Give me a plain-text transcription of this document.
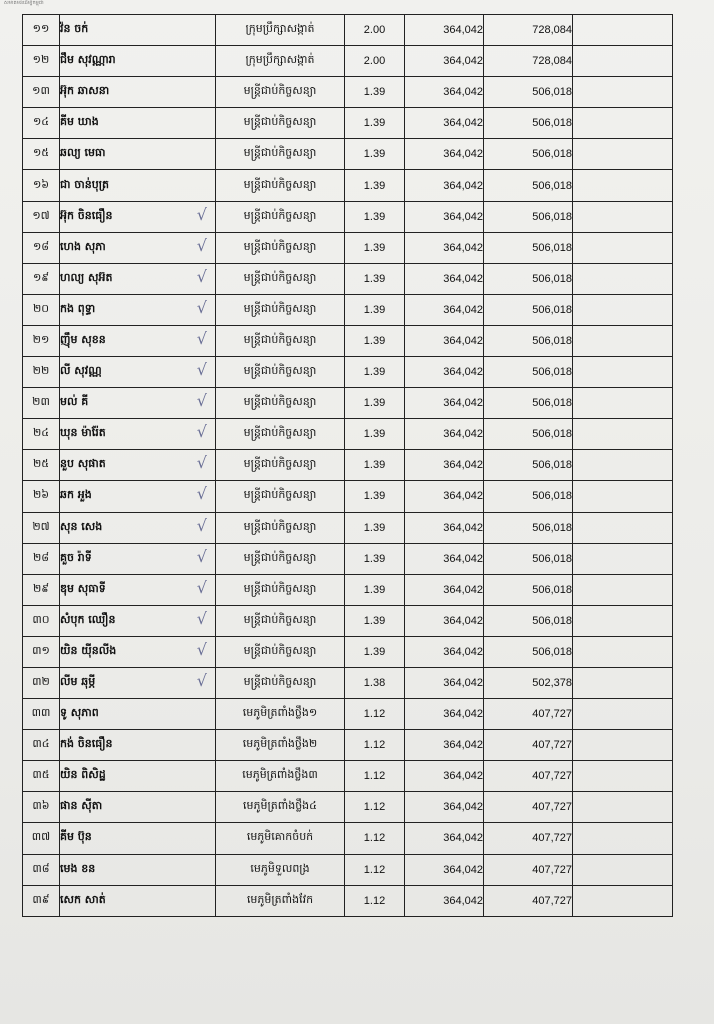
សមាគមន៍ដើម្បីកម្ពុជា
១១	វ៉ន ចក់	ក្រុមប្រឹក្សាសង្កាត់	2.00	364,042	728,084	
១២	ជឹម សុវណ្ណារា	ក្រុមប្រឹក្សាសង្កាត់	2.00	364,042	728,084	
១៣	អ៊ុក ឆាសនា	មន្ត្រីជាប់កិច្ចសន្យា	1.39	364,042	506,018	
១៤	គីម ឃាង	មន្ត្រីជាប់កិច្ចសន្យា	1.39	364,042	506,018	
១៥	ឆល្យ មេធា	មន្ត្រីជាប់កិច្ចសន្យា	1.39	364,042	506,018	
១៦	ជា ចាន់បុត្រ	មន្ត្រីជាប់កិច្ចសន្យា	1.39	364,042	506,018	
១៧	អ៊ុក ចិនធឿន √	មន្ត្រីជាប់កិច្ចសន្យា	1.39	364,042	506,018	
១៨	ហេង សុភា √	មន្ត្រីជាប់កិច្ចសន្យា	1.39	364,042	506,018	
១៩	ហល្យ សុអ៊ត √	មន្ត្រីជាប់កិច្ចសន្យា	1.39	364,042	506,018	
២០	កង ពុទ្ធា √	មន្ត្រីជាប់កិច្ចសន្យា	1.39	364,042	506,018	
២១	ញ៉ឹម សុខន √	មន្ត្រីជាប់កិច្ចសន្យា	1.39	364,042	506,018	
២២	លី សុវណ្ណ √	មន្ត្រីជាប់កិច្ចសន្យា	1.39	364,042	506,018	
២៣	មល់ គី √	មន្ត្រីជាប់កិច្ចសន្យា	1.39	364,042	506,018	
២៤	ឃុន ម៉ារ៉ែត √	មន្ត្រីជាប់កិច្ចសន្យា	1.39	364,042	506,018	
២៥	នួប សុផាត √	មន្ត្រីជាប់កិច្ចសន្យា	1.39	364,042	506,018	
២៦	ឆក អួង √	មន្ត្រីជាប់កិច្ចសន្យា	1.39	364,042	506,018	
២៧	សុន សេង √	មន្ត្រីជាប់កិច្ចសន្យា	1.39	364,042	506,018	
២៨	គួច រ៉ាទី √	មន្ត្រីជាប់កិច្ចសន្យា	1.39	364,042	506,018	
២៩	ឌុម សុធាទី √	មន្ត្រីជាប់កិច្ចសន្យា	1.39	364,042	506,018	
៣០	សំបុក ឈឿន √	មន្ត្រីជាប់កិច្ចសន្យា	1.39	364,042	506,018	
៣១	យិន យ៉ីនលីង √	មន្ត្រីជាប់កិច្ចសន្យា	1.39	364,042	506,018	
៣២	លីម ឆុម្ភី √	មន្ត្រីជាប់កិច្ចសន្យា	1.38	364,042	502,378	
៣៣	ទូ សុភាព	មេភូមិត្រពាំងថ្លឹង១	1.12	364,042	407,727	
៣៤	កង់ ចិនធឿន	មេភូមិត្រពាំងថ្លឹង២	1.12	364,042	407,727	
៣៥	យិន ពិសិដ្ឋ	មេភូមិត្រពាំងថ្លឹង៣	1.12	364,042	407,727	
៣៦	ផាន សុីតា	មេភូមិត្រពាំងថ្លឹង៤	1.12	364,042	407,727	
៣៧	គីម ប៊ុន	មេភូមិគោកចំបក់	1.12	364,042	407,727	
៣៨	មេង ខន	មេភូមិទួលពង្រ	1.12	364,042	407,727	
៣៩	សេក សាត់	មេភូមិត្រពាំងវែក	1.12	364,042	407,727	
